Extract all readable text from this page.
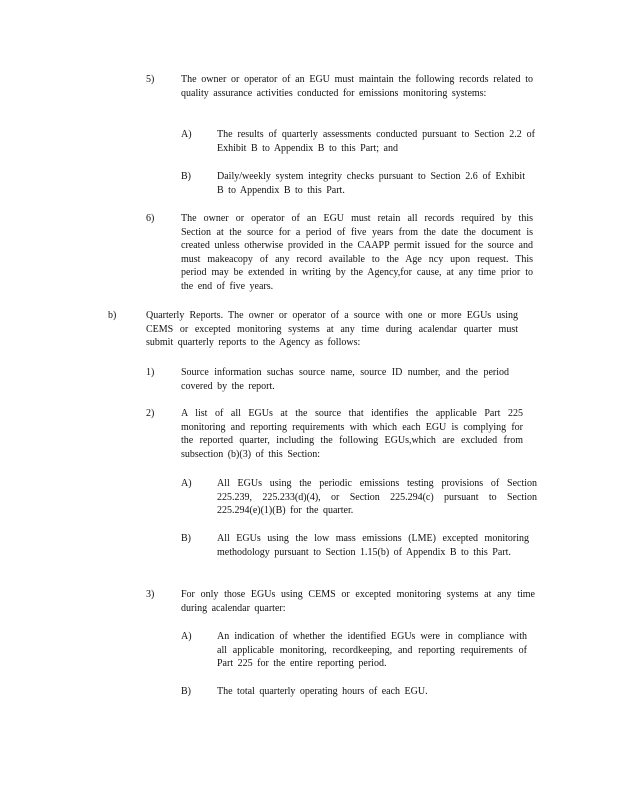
5)	The owner or operator of an EGU must maintain the following records related to quality assurance activities conducted for emissions monitoring systems:
A)	The results of quarterly assessments conducted pursuant to Section 2.2 of Exhibit B to Appendix B to this Part; and
B)	Daily/weekly system integrity checks pursuant to Section 2.6 of Exhibit B to Appendix B to this Part.
6)	The owner or operator of an EGU must retain all records required by this Section at the source for a period of five years from the date the document is created unless otherwise provided in the CAAPP permit issued for the source and must makeacopy of any record available to the Age ncy upon request. This period may be extended in writing by the Agency,for cause, at any time prior to the end of five years.
b)	Quarterly Reports. The owner or operator of a source with one or more EGUs using CEMS or excepted monitoring systems at any time during acalendar quarter must submit quarterly reports to the Agency as follows:
1)	Source information suchas source name, source ID number, and the period covered by the report.
2)	A list of all EGUs at the source that identifies the applicable Part 225 monitoring and reporting requirements with which each EGU is complying for the reported quarter, including the following EGUs,which are excluded from subsection (b)(3) of this Section:
A)	All EGUs using the periodic emissions testing provisions of Section 225.239, 225.233(d)(4), or Section 225.294(c) pursuant to Section 225.294(e)(1)(B) for the quarter.
B)	All EGUs using the low mass emissions (LME) excepted monitoring methodology pursuant to Section 1.15(b) of Appendix B to this Part.
3)	For only those EGUs using CEMS or excepted monitoring systems at any time during acalendar quarter:
A)	An indication of whether the identified EGUs were in compliance with all applicable monitoring, recordkeeping, and reporting requirements of Part 225 for the entire reporting period.
B)	The total quarterly operating hours of each EGU.
